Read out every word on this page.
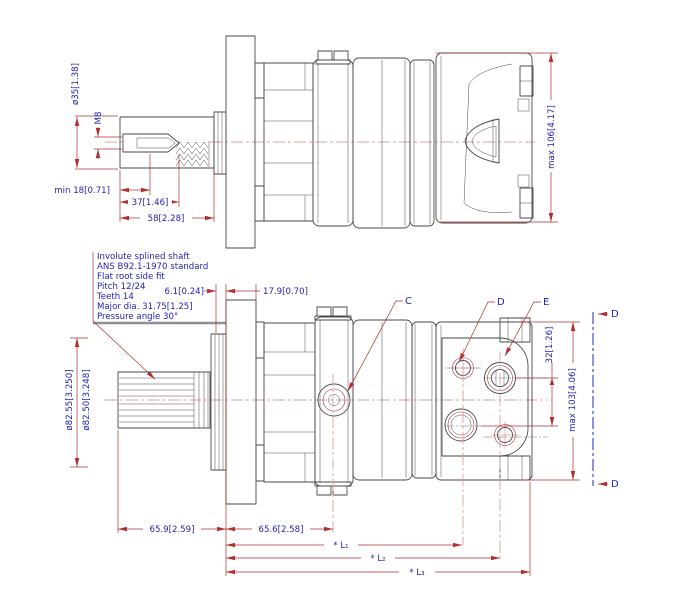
ø35[1.38]
M8
min 18[0.71]
37[1.46]
58[2.28]
max 106[4.17]
Involute splined shaft
ANS B92.1-1970 standard
Flat root side fit
Pitch 12/24
Teeth 14
Major dia. 31.75[1.25]
Pressure angle 30°
C	D	E
6.1[0.24]	17.9[0.70]
ø82.55[3.250] ø82.50[3.248]
32[1.26]
max 103[4.06]
D
D
65.9[2.59]	65.6[2.58]
* L₁
* L₂
* L₃
